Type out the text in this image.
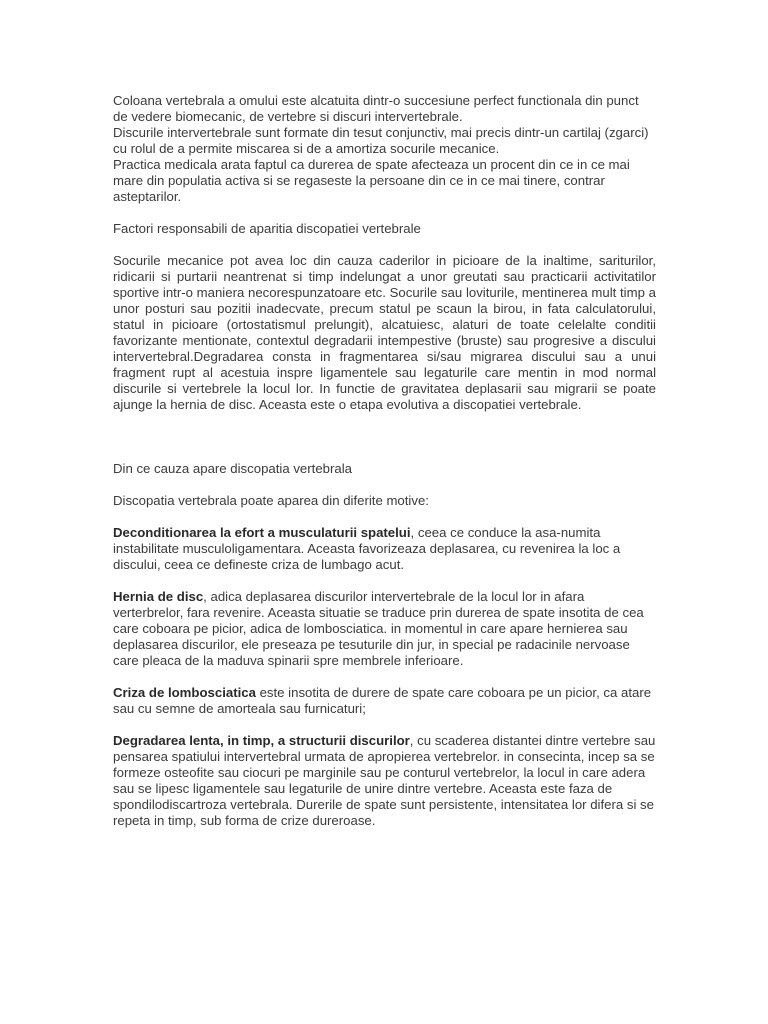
Coloana vertebrala a omului este alcatuita dintr-o succesiune perfect functionala din punct de vedere biomecanic, de vertebre si discuri intervertebrale.

Discurile intervertebrale sunt formate din tesut conjunctiv, mai precis dintr-un cartilaj (zgarci) cu rolul de a permite miscarea si de a amortiza socurile mecanice.

Practica medicala arata faptul ca durerea de spate afecteaza un procent din ce in ce mai mare din populatia activa si se regaseste la persoane din ce in ce mai tinere, contrar asteptarilor.

Factori responsabili de aparitia discopatiei vertebrale

Socurile mecanice pot avea loc din cauza caderilor in picioare de la inaltime, sariturilor, ridicarii si purtarii neantrenat si timp indelungat a unor greutati sau practicarii activitatilor sportive intr-o maniera necorespunzatoare etc. Socurile sau loviturile, mentinerea mult timp a unor posturi sau pozitii inadecvate, precum statul pe scaun la birou, in fata calculatorului, statul in picioare (ortostatismul prelungit), alcatuiesc, alaturi de toate celelalte conditii favorizante mentionate, contextul degradarii intempestive (bruste) sau progresive a discului intervertebral.Degradarea consta in fragmentarea si/sau migrarea discului sau a unui fragment rupt al acestuia inspre ligamentele sau legaturile care mentin in mod normal discurile si vertebrele la locul lor. In functie de gravitatea deplasarii sau migrarii se poate ajunge la hernia de disc. Aceasta este o etapa evolutiva a discopatiei vertebrale.

Din ce cauza apare discopatia vertebrala

Discopatia vertebrala poate aparea din diferite motive:

Deconditionarea la efort a musculaturii spatelui, ceea ce conduce la asa-numita instabilitate musculoligamentara. Aceasta favorizeaza deplasarea, cu revenirea la loc a discului, ceea ce defineste criza de lumbago acut.

Hernia de disc, adica deplasarea discurilor intervertebrale de la locul lor in afara verterbrelor, fara revenire. Aceasta situatie se traduce prin durerea de spate insotita de cea care coboara pe picior, adica de lombosciatica. in momentul in care apare hernierea sau deplasarea discurilor, ele preseaza pe tesuturile din jur, in special pe radacinile nervoase care pleaca de la maduva spinarii spre membrele inferioare.

Criza de lombosciatica este insotita de durere de spate care coboara pe un picior, ca atare sau cu semne de amorteala sau furnicaturi;

Degradarea lenta, in timp, a structurii discurilor, cu scaderea distantei dintre vertebre sau pensarea spatiului intervertebral urmata de apropierea vertebrelor. in consecinta, incep sa se formeze osteofite sau ciocuri pe marginile sau pe conturul vertebrelor, la locul in care adera sau se lipesc ligamentele sau legaturile de unire dintre vertebre. Aceasta este faza de spondilodiscartroza vertebrala. Durerile de spate sunt persistente, intensitatea lor difera si se repeta in timp, sub forma de crize dureroase.
